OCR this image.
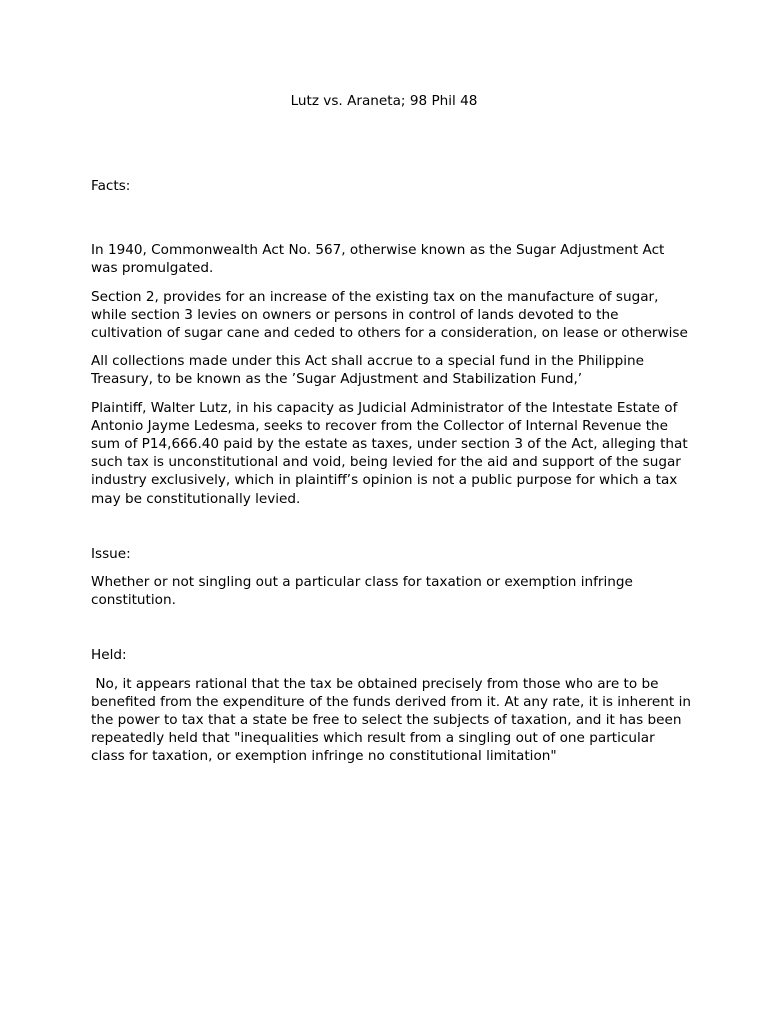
Lutz vs. Araneta; 98 Phil 48

Facts:

In 1940, Commonwealth Act No. 567, otherwise known as the Sugar Adjustment Act was promulgated.

Section 2, provides for an increase of the existing tax on the manufacture of sugar, while section 3 levies on owners or persons in control of lands devoted to the cultivation of sugar cane and ceded to others for a consideration, on lease or otherwise

All collections made under this Act shall accrue to a special fund in the Philippine Treasury, to be known as the ’Sugar Adjustment and Stabilization Fund,’

Plaintiff, Walter Lutz, in his capacity as Judicial Administrator of the Intestate Estate of Antonio Jayme Ledesma, seeks to recover from the Collector of Internal Revenue the sum of P14,666.40 paid by the estate as taxes, under section 3 of the Act, alleging that such tax is unconstitutional and void, being levied for the aid and support of the sugar industry exclusively, which in plaintiff’s opinion is not a public purpose for which a tax may be constitutionally levied.

Issue:

Whether or not singling out a particular class for taxation or exemption infringe constitution.

Held:

No, it appears rational that the tax be obtained precisely from those who are to be benefited from the expenditure of the funds derived from it. At any rate, it is inherent in the power to tax that a state be free to select the subjects of taxation, and it has been repeatedly held that "inequalities which result from a singling out of one particular class for taxation, or exemption infringe no constitutional limitation"
